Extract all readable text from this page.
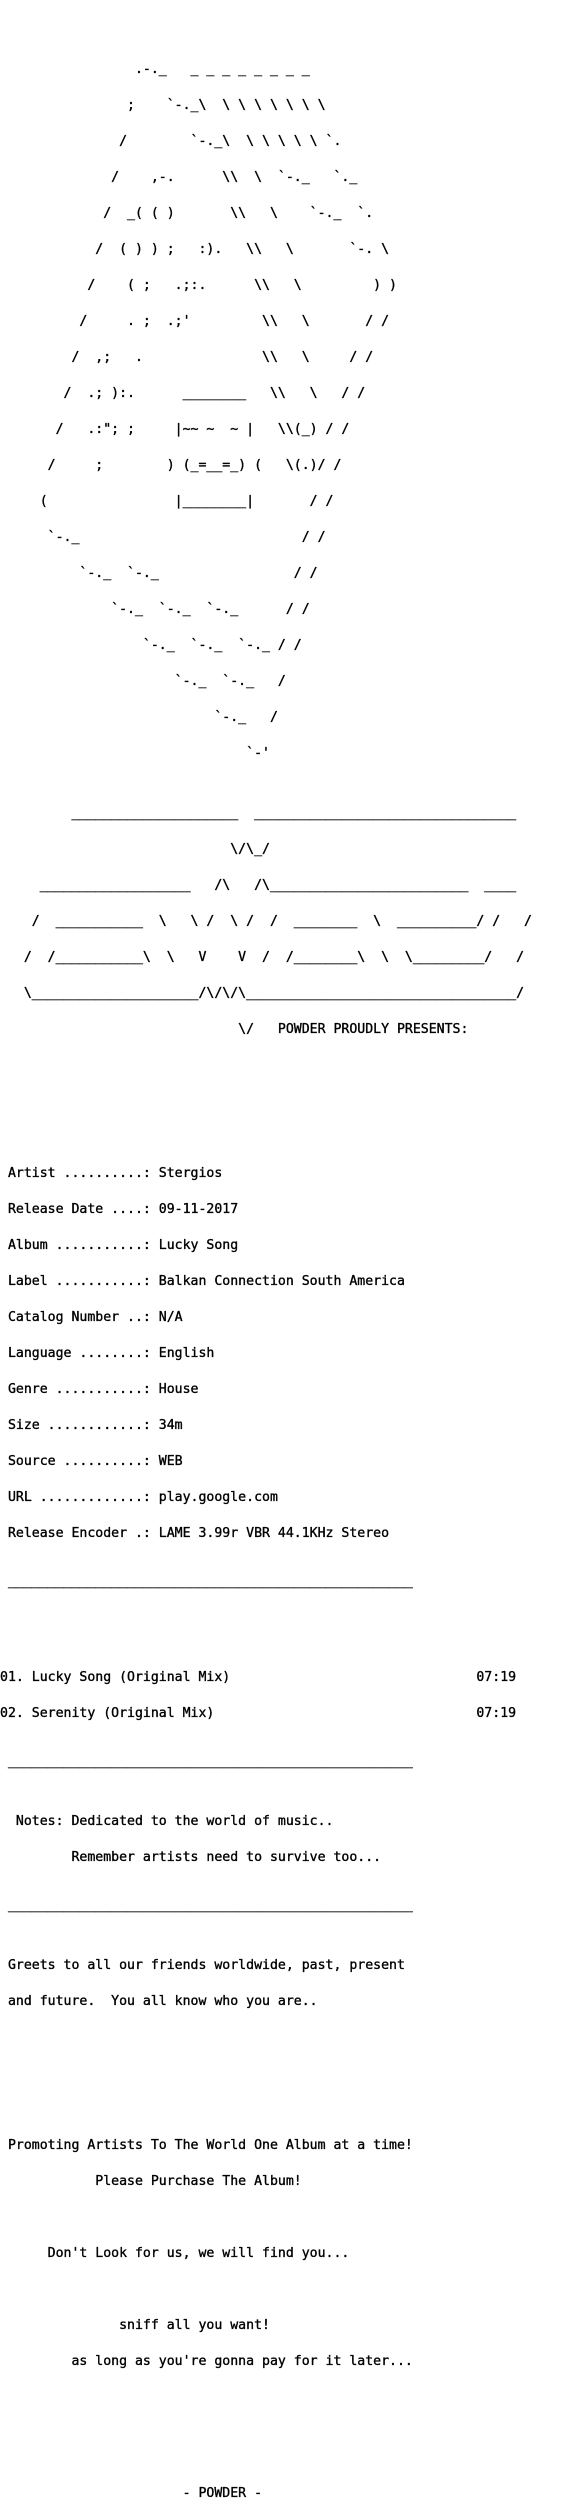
.-._   _ _ _ _ _ _ _ _

;    `-._\  \ \ \ \ \ \ \

/        `-._\  \ \ \ \ \ `.

/    ,-.      \\  \  `-._   `._

/  _( ( )       \\   \    `-._  `.

/  ( ) ) ;   :).   \\   \       `-. \

/    ( ;   .;:.      \\   \         ) )

/     . ;  .;'         \\   \       / /

/  ,;   .               \\   \     / /

/  .; ):.      ________   \\   \   / /

/   .:"; ;     |~~ ~  ~ |   \\(_) / /

/     ;        ) (_=__=_) (   \(.)/ /

(                |________|       / /

`-._                            / /

`-._  `-._                 / /

`-._  `-._  `-._      / /

`-._  `-._  `-._ / /

`-._  `-._   /

`-._   /

`-'

_____________________  _________________________________

\/\_/

___________________   /\   /\_________________________  ____

/  ___________  \   \ /  \ /  /  ________  \  __________/ /   /

/  /___________\  \   V    V  /  /________\  \  \_________/   /

\_____________________/\/\/\__________________________________/

\/   POWDER PROUDLY PRESENTS:

Artist ..........: Stergios

Release Date ....: 09-11-2017

Album ...........: Lucky Song

Label ...........: Balkan Connection South America

Catalog Number ..: N/A

Language ........: English

Genre ...........: House

Size ............: 34m

Source ..........: WEB

URL .............: play.google.com

Release Encoder .: LAME 3.99r VBR 44.1KHz Stereo

___________________________________________________

01. Lucky Song (Original Mix)                               07:19

02. Serenity (Original Mix)                                 07:19

___________________________________________________

Notes: Dedicated to the world of music..

Remember artists need to survive too...

___________________________________________________

Greets to all our friends worldwide, past, present

and future.  You all know who you are..

Promoting Artists To The World One Album at a time!

Please Purchase The Album!

Don't Look for us, we will find you...

sniff all you want!

as long as you're gonna pay for it later...

- POWDER -
